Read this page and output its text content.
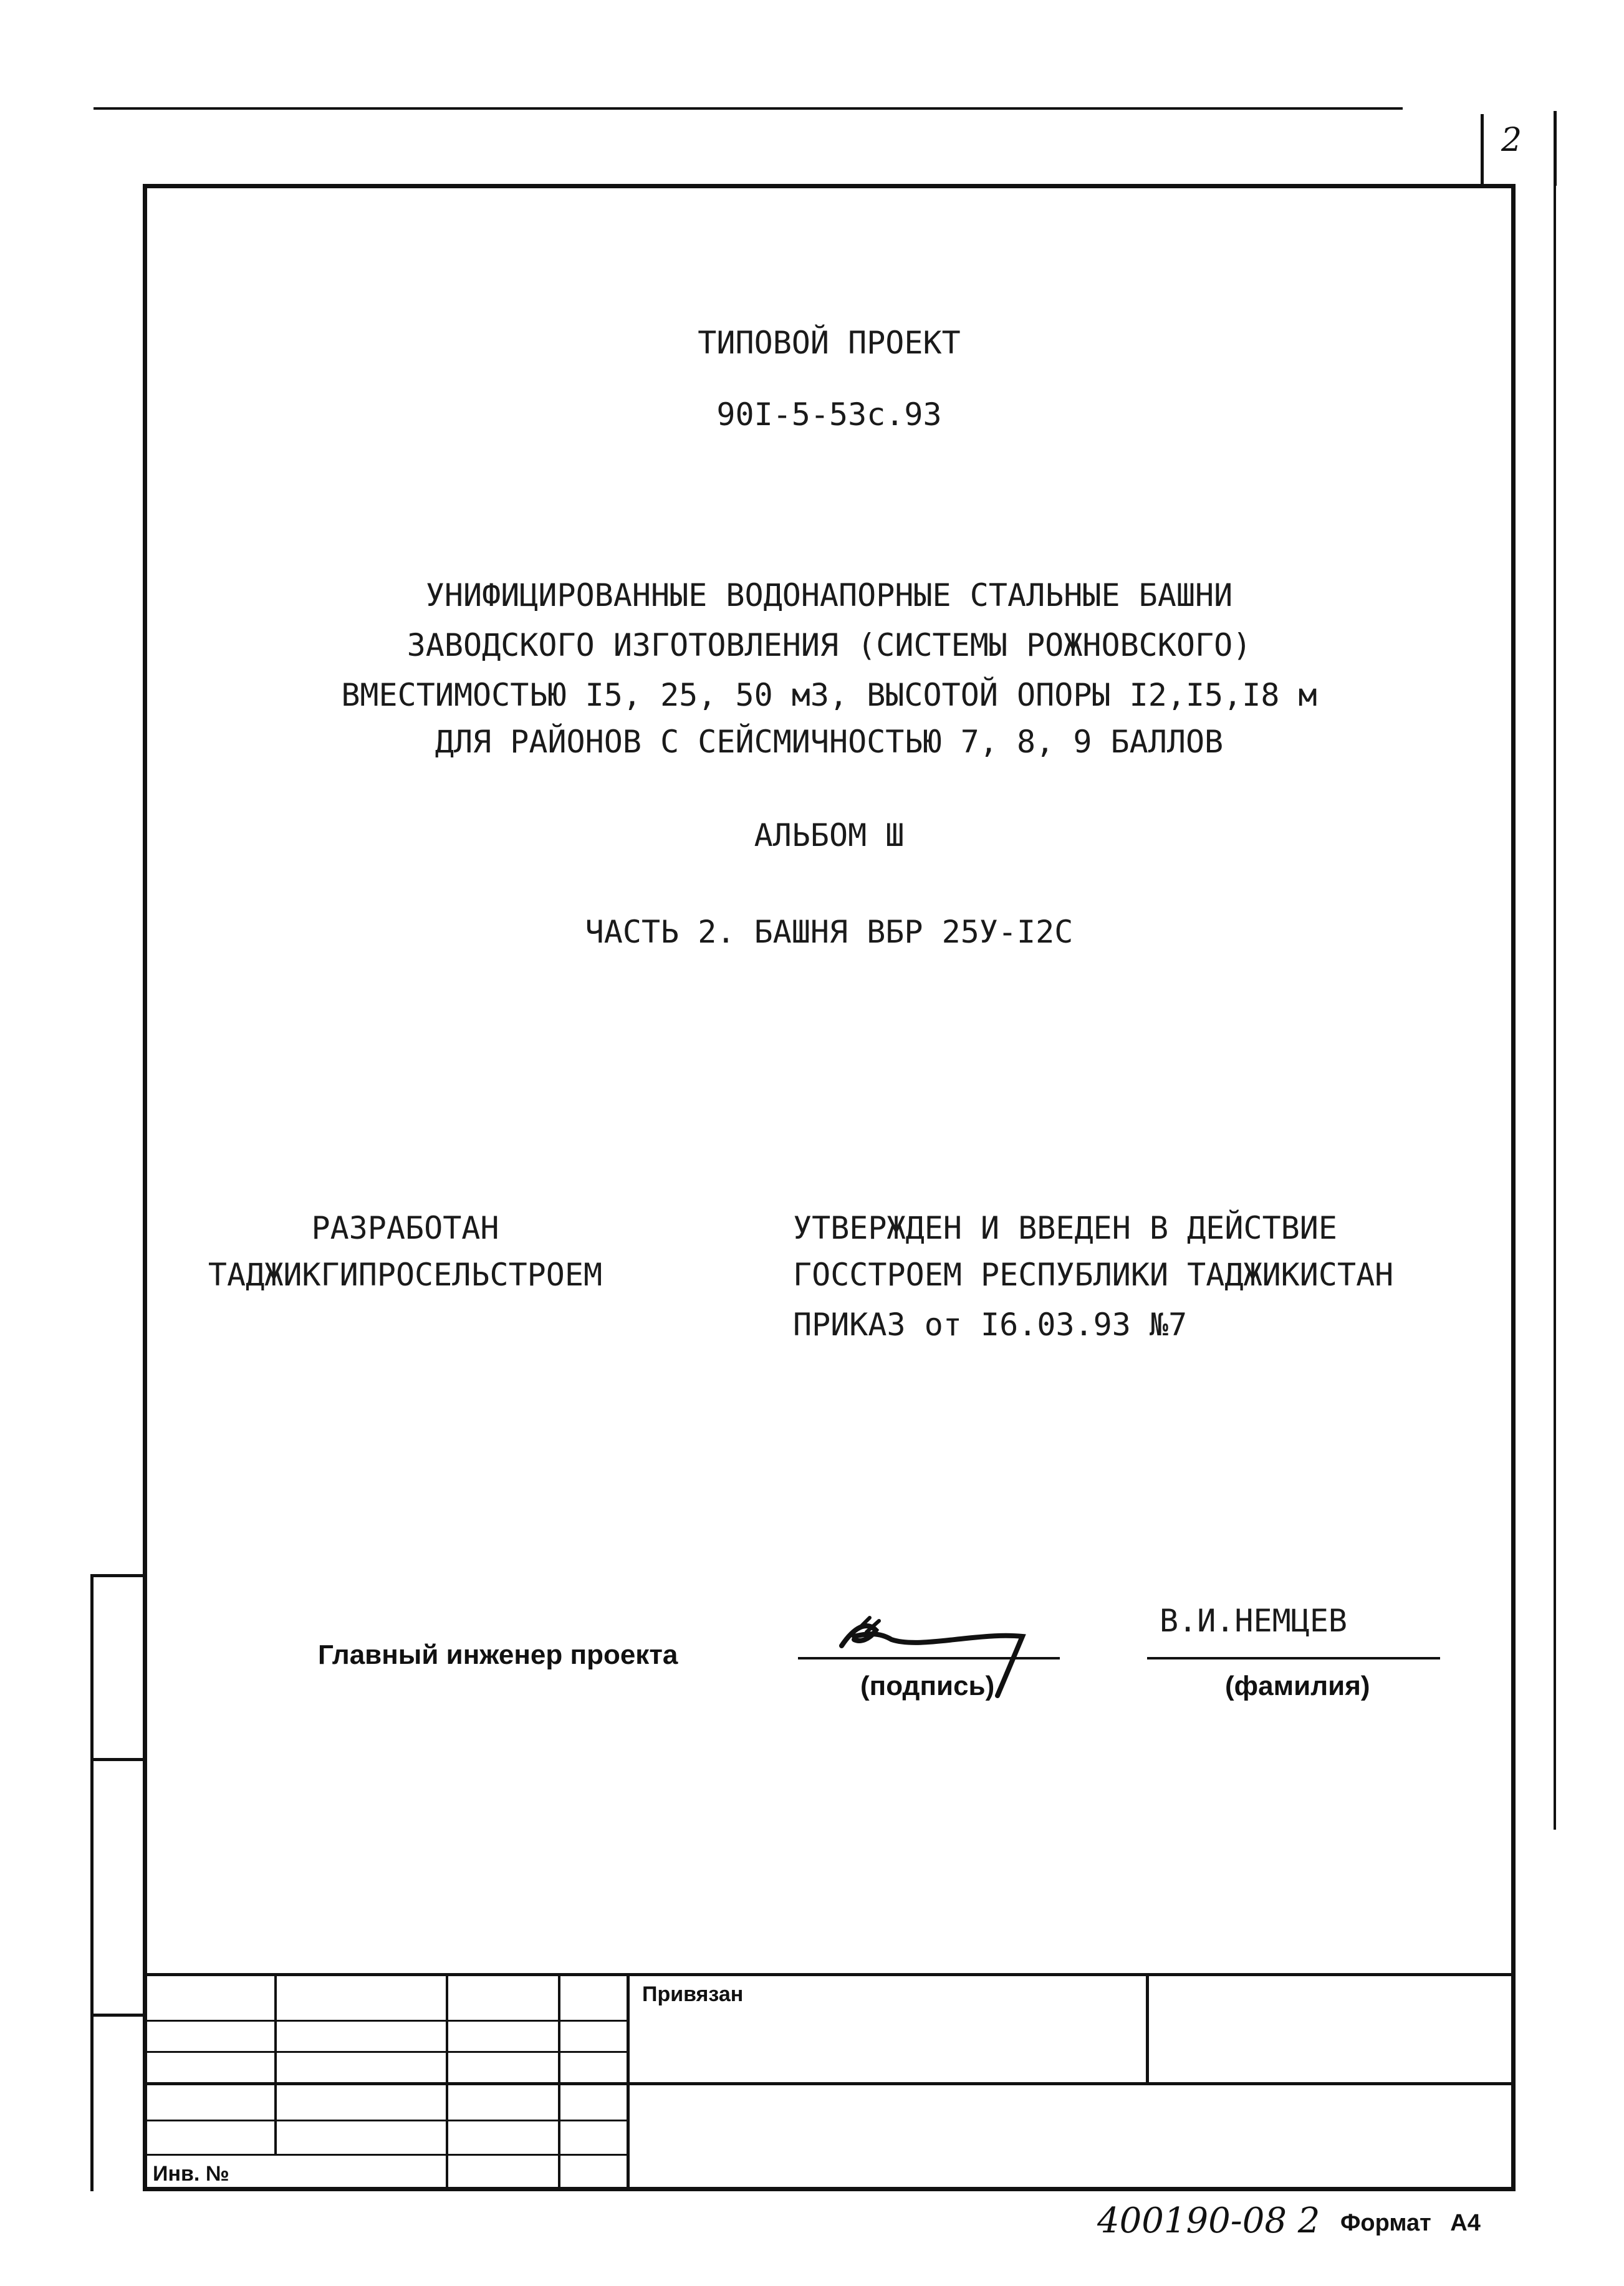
2
ТИПОВОЙ ПРОЕКТ
90I-5-53с.93
УНИФИЦИРОВАННЫЕ ВОДОНАПОРНЫЕ СТАЛЬНЫЕ БАШНИ
ЗАВОДСКОГО ИЗГОТОВЛЕНИЯ (СИСТЕМЫ РОЖНОВСКОГО)
ВМЕСТИМОСТЬЮ I5, 25, 50 м3, ВЫСОТОЙ ОПОРЫ I2,I5,I8 м
ДЛЯ РАЙОНОВ С СЕЙСМИЧНОСТЬЮ 7, 8, 9 БАЛЛОВ
АЛЬБОМ Ш
ЧАСТЬ 2. БАШНЯ ВБР 25У-I2С
РАЗРАБОТАН
ТАДЖИКГИПРОСЕЛЬСТРОЕМ
УТВЕРЖДЕН И ВВЕДЕН В ДЕЙСТВИЕ
ГОССТРОЕМ РЕСПУБЛИКИ ТАДЖИКИСТАН
ПРИКАЗ от I6.03.93 №7
Главный инженер проекта
(подпись)
В.И.НЕМЦЕВ
(фамилия)
Привязан
Инв. №
400190-08 2 Формат А4
